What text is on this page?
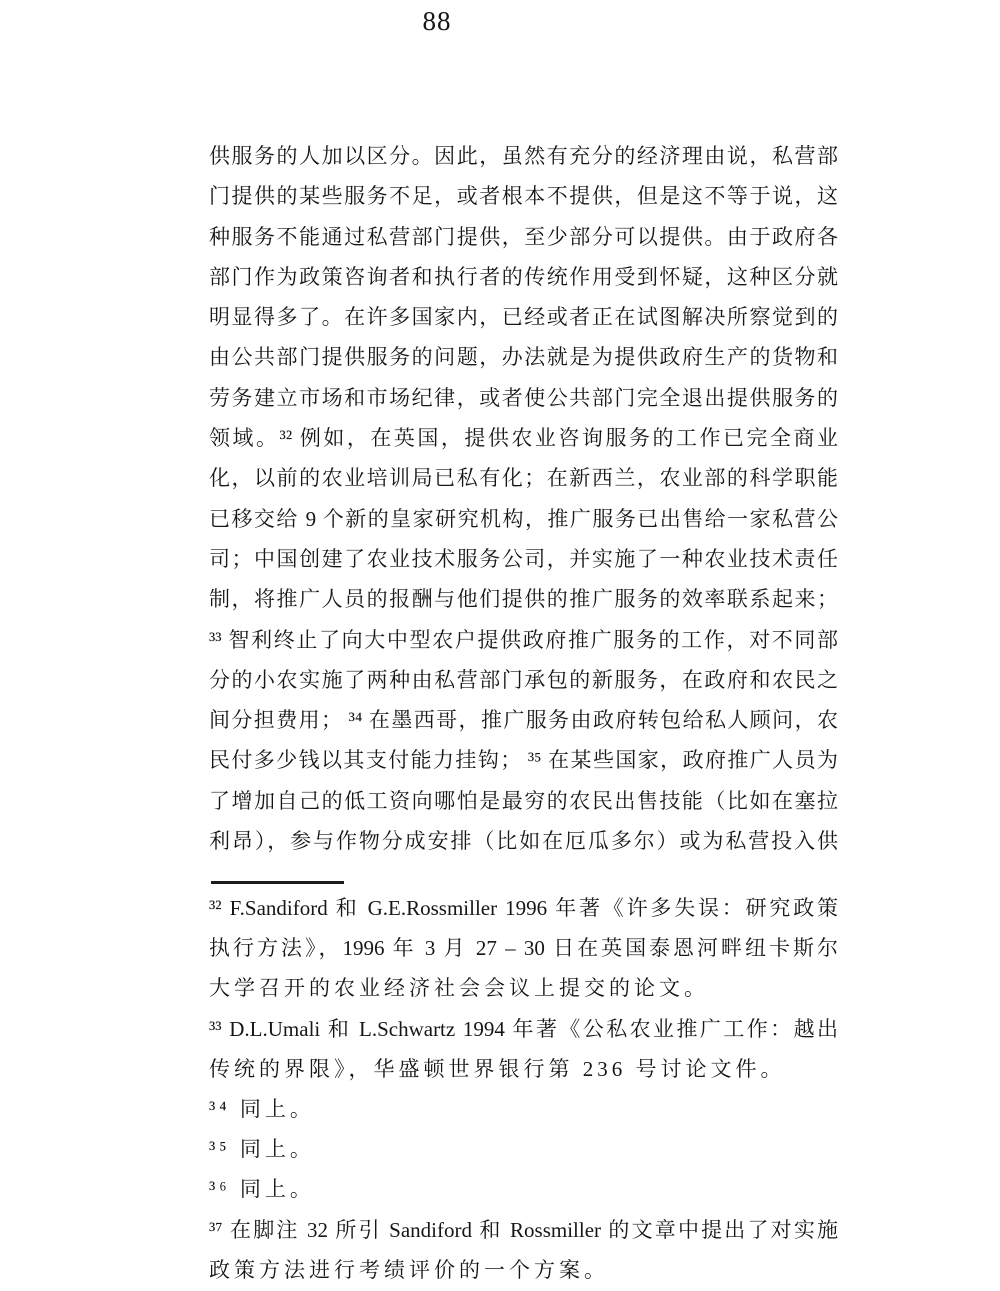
88
供服务的人加以区分。因此，虽然有充分的经济理由说，私营部
门提供的某些服务不足，或者根本不提供，但是这不等于说，这
种服务不能通过私营部门提供，至少部分可以提供。由于政府各
部门作为政策咨询者和执行者的传统作用受到怀疑，这种区分就
明显得多了。在许多国家内，已经或者正在试图解决所察觉到的
由公共部门提供服务的问题，办法就是为提供政府生产的货物和
劳务建立市场和市场纪律，或者使公共部门完全退出提供服务的
领域。³² 例如，在英国，提供农业咨询服务的工作已完全商业
化，以前的农业培训局已私有化；在新西兰，农业部的科学职能
已移交给 9 个新的皇家研究机构，推广服务已出售给一家私营公
司；中国创建了农业技术服务公司，并实施了一种农业技术责任
制，将推广人员的报酬与他们提供的推广服务的效率联系起来；
³³ 智利终止了向大中型农户提供政府推广服务的工作，对不同部
分的小农实施了两种由私营部门承包的新服务，在政府和农民之
间分担费用； ³⁴ 在墨西哥，推广服务由政府转包给私人顾问，农
民付多少钱以其支付能力挂钩； ³⁵ 在某些国家，政府推广人员为
了增加自己的低工资向哪怕是最穷的农民出售技能（比如在塞拉
利昂），参与作物分成安排（比如在厄瓜多尔）或为私营投入供
³² F.Sandiford 和 G.E.Rossmiller 1996 年著《许多失误：研究政策
执行方法》，1996 年 3 月 27 – 30 日在英国泰恩河畔纽卡斯尔
大学召开的农业经济社会会议上提交的论文。
³³ D.L.Umali 和 L.Schwartz 1994 年著《公私农业推广工作：越出
传统的界限》，华盛顿世界银行第 236 号讨论文件。
³⁴ 同上。
³⁵ 同上。
³⁶ 同上。
³⁷ 在脚注 32 所引 Sandiford 和 Rossmiller 的文章中提出了对实施
政策方法进行考绩评价的一个方案。
